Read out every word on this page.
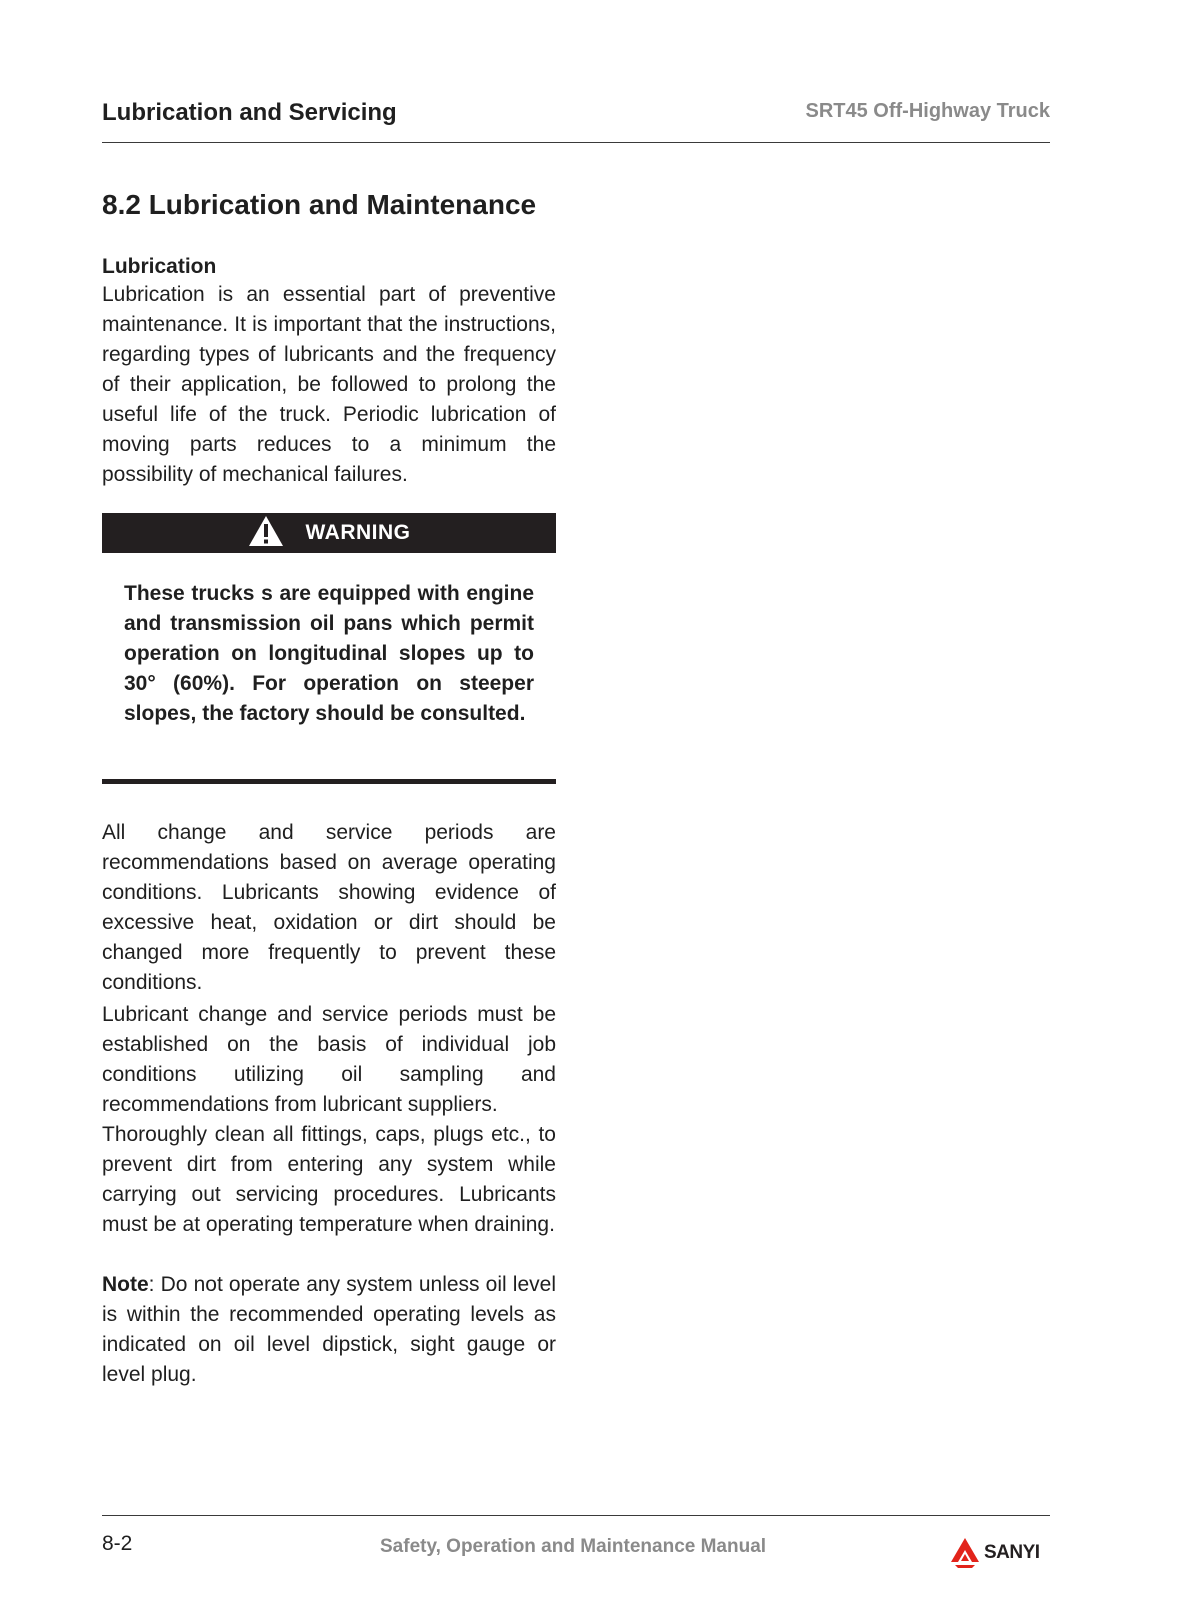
Lubrication and Servicing	SRT45 Off-Highway Truck
8.2 Lubrication and Maintenance
Lubrication
Lubrication is an essential part of preventive maintenance. It is important that the instructions, regarding types of lubricants and the frequency of their application, be followed to prolong the useful life of the truck. Periodic lubrication of moving parts reduces to a minimum the possibility of mechanical failures.
WARNING
These trucks s are equipped with engine and transmission oil pans which permit operation on longitudinal slopes up to 30° (60%). For operation on steeper slopes, the factory should be consulted.
All change and service periods are recommendations based on average operating conditions. Lubricants showing evidence of excessive heat, oxidation or dirt should be changed more frequently to prevent these conditions.
Lubricant change and service periods must be established on the basis of individual job conditions utilizing oil sampling and recommendations from lubricant suppliers.
Thoroughly clean all fittings, caps, plugs etc., to prevent dirt from entering any system while carrying out servicing procedures. Lubricants must be at operating temperature when draining.
Note: Do not operate any system unless oil level is within the recommended operating levels as indicated on oil level dipstick, sight gauge or level plug.
8-2	Safety, Operation and Maintenance Manual	SANYI
